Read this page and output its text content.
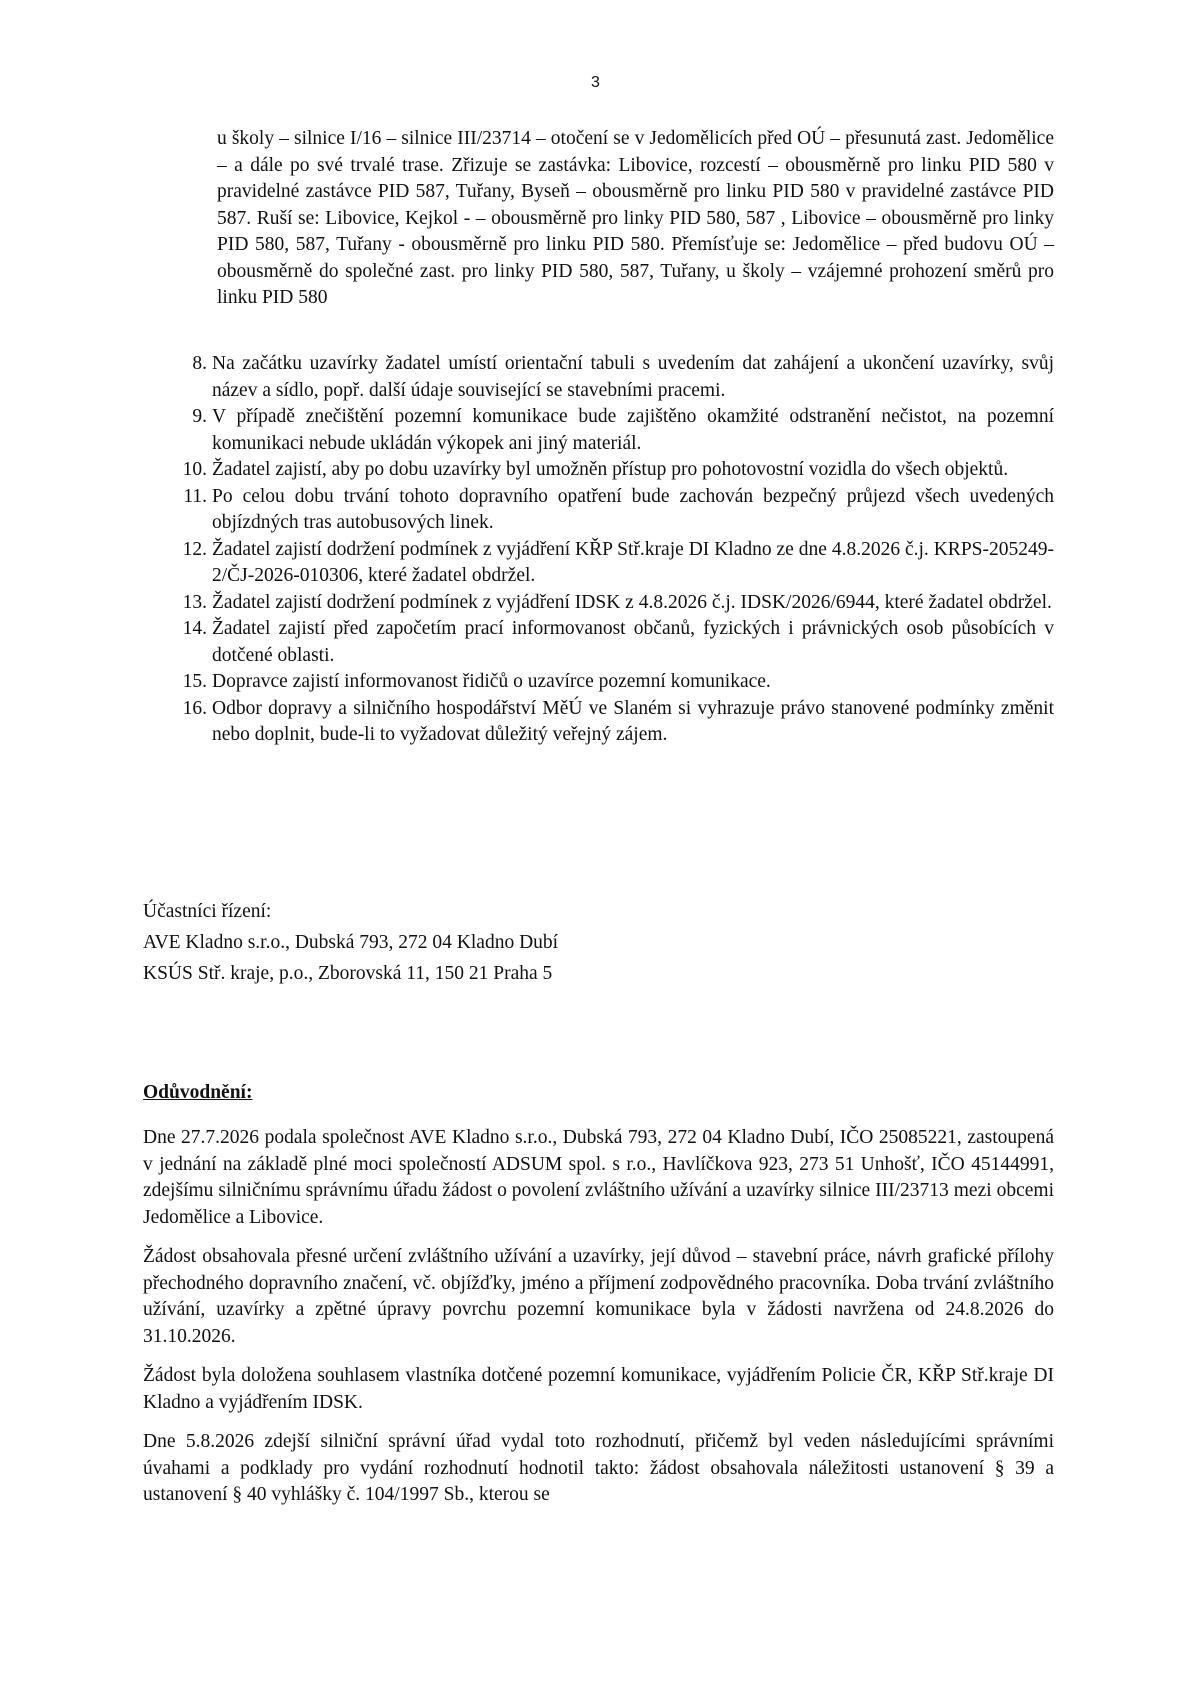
3
u školy – silnice I/16 – silnice III/23714 – otočení se v Jedomělicích před OÚ – přesunutá zast. Jedomělice – a dále po své trvalé trase. Zřizuje se zastávka: Libovice, rozcestí – obousměrně pro linku PID 580 v pravidelné zastávce PID 587, Tuřany, Byseň – obousměrně pro linku PID 580 v pravidelné zastávce PID 587. Ruší se: Libovice, Kejkol - – obousměrně pro linky PID 580, 587 , Libovice – obousměrně pro linky PID 580, 587, Tuřany - obousměrně pro linku PID 580. Přemísťuje se: Jedomělice – před budovu OÚ – obousměrně do společné zast. pro linky PID 580, 587, Tuřany, u školy – vzájemné prohození směrů pro linku PID 580
8. Na začátku uzavírky žadatel umístí orientační tabuli s uvedením dat zahájení a ukončení uzavírky, svůj název a sídlo, popř. další údaje související se stavebními pracemi.
9. V případě znečištění pozemní komunikace bude zajištěno okamžité odstranění nečistot, na pozemní komunikaci nebude ukládán výkopek ani jiný materiál.
10. Žadatel zajistí, aby po dobu uzavírky byl umožněn přístup pro pohotovostní vozidla do všech objektů.
11. Po celou dobu trvání tohoto dopravního opatření bude zachován bezpečný průjezd všech uvedených objízdných tras autobusových linek.
12. Žadatel zajistí dodržení podmínek z vyjádření KŘP Stř.kraje DI Kladno ze dne 4.8.2026 č.j. KRPS-205249-2/ČJ-2026-010306, které žadatel obdržel.
13. Žadatel zajistí dodržení podmínek z vyjádření IDSK z 4.8.2026 č.j. IDSK/2026/6944, které žadatel obdržel.
14. Žadatel zajistí před započetím prací informovanost občanů, fyzických i právnických osob působících v dotčené oblasti.
15. Dopravce zajistí informovanost řidičů o uzavírce pozemní komunikace.
16. Odbor dopravy a silničního hospodářství MěÚ ve Slaném si vyhrazuje právo stanovené podmínky změnit nebo doplnit, bude-li to vyžadovat důležitý veřejný zájem.
Účastníci řízení:
AVE Kladno s.r.o., Dubská 793, 272 04 Kladno Dubí
KSÚS Stř. kraje, p.o., Zborovská 11, 150 21 Praha 5
Odůvodnění:

Dne 27.7.2026 podala společnost AVE Kladno s.r.o., Dubská 793, 272 04 Kladno Dubí, IČO 25085221, zastoupená v jednání na základě plné moci společností ADSUM spol. s r.o., Havlíčkova 923, 273 51 Unhošť, IČO 45144991, zdejšímu silničnímu správnímu úřadu žádost o povolení zvláštního užívání a uzavírky silnice III/23713 mezi obcemi Jedomělice a Libovice.

Žádost obsahovala přesné určení zvláštního užívání a uzavírky, její důvod – stavební práce, návrh grafické přílohy přechodného dopravního značení, vč. objížďky, jméno a příjmení zodpovědného pracovníka. Doba trvání zvláštního užívání, uzavírky a zpětné úpravy povrchu pozemní komunikace byla v žádosti navržena od 24.8.2026 do 31.10.2026.

Žádost byla doložena souhlasem vlastníka dotčené pozemní komunikace, vyjádřením Policie ČR, KŘP Stř.kraje DI Kladno a vyjádřením IDSK.

Dne 5.8.2026 zdejší silniční správní úřad vydal toto rozhodnutí, přičemž byl veden následujícími správními úvahami a podklady pro vydání rozhodnutí hodnotil takto: žádost obsahovala náležitosti ustanovení § 39 a ustanovení § 40 vyhlášky č. 104/1997 Sb., kterou se
